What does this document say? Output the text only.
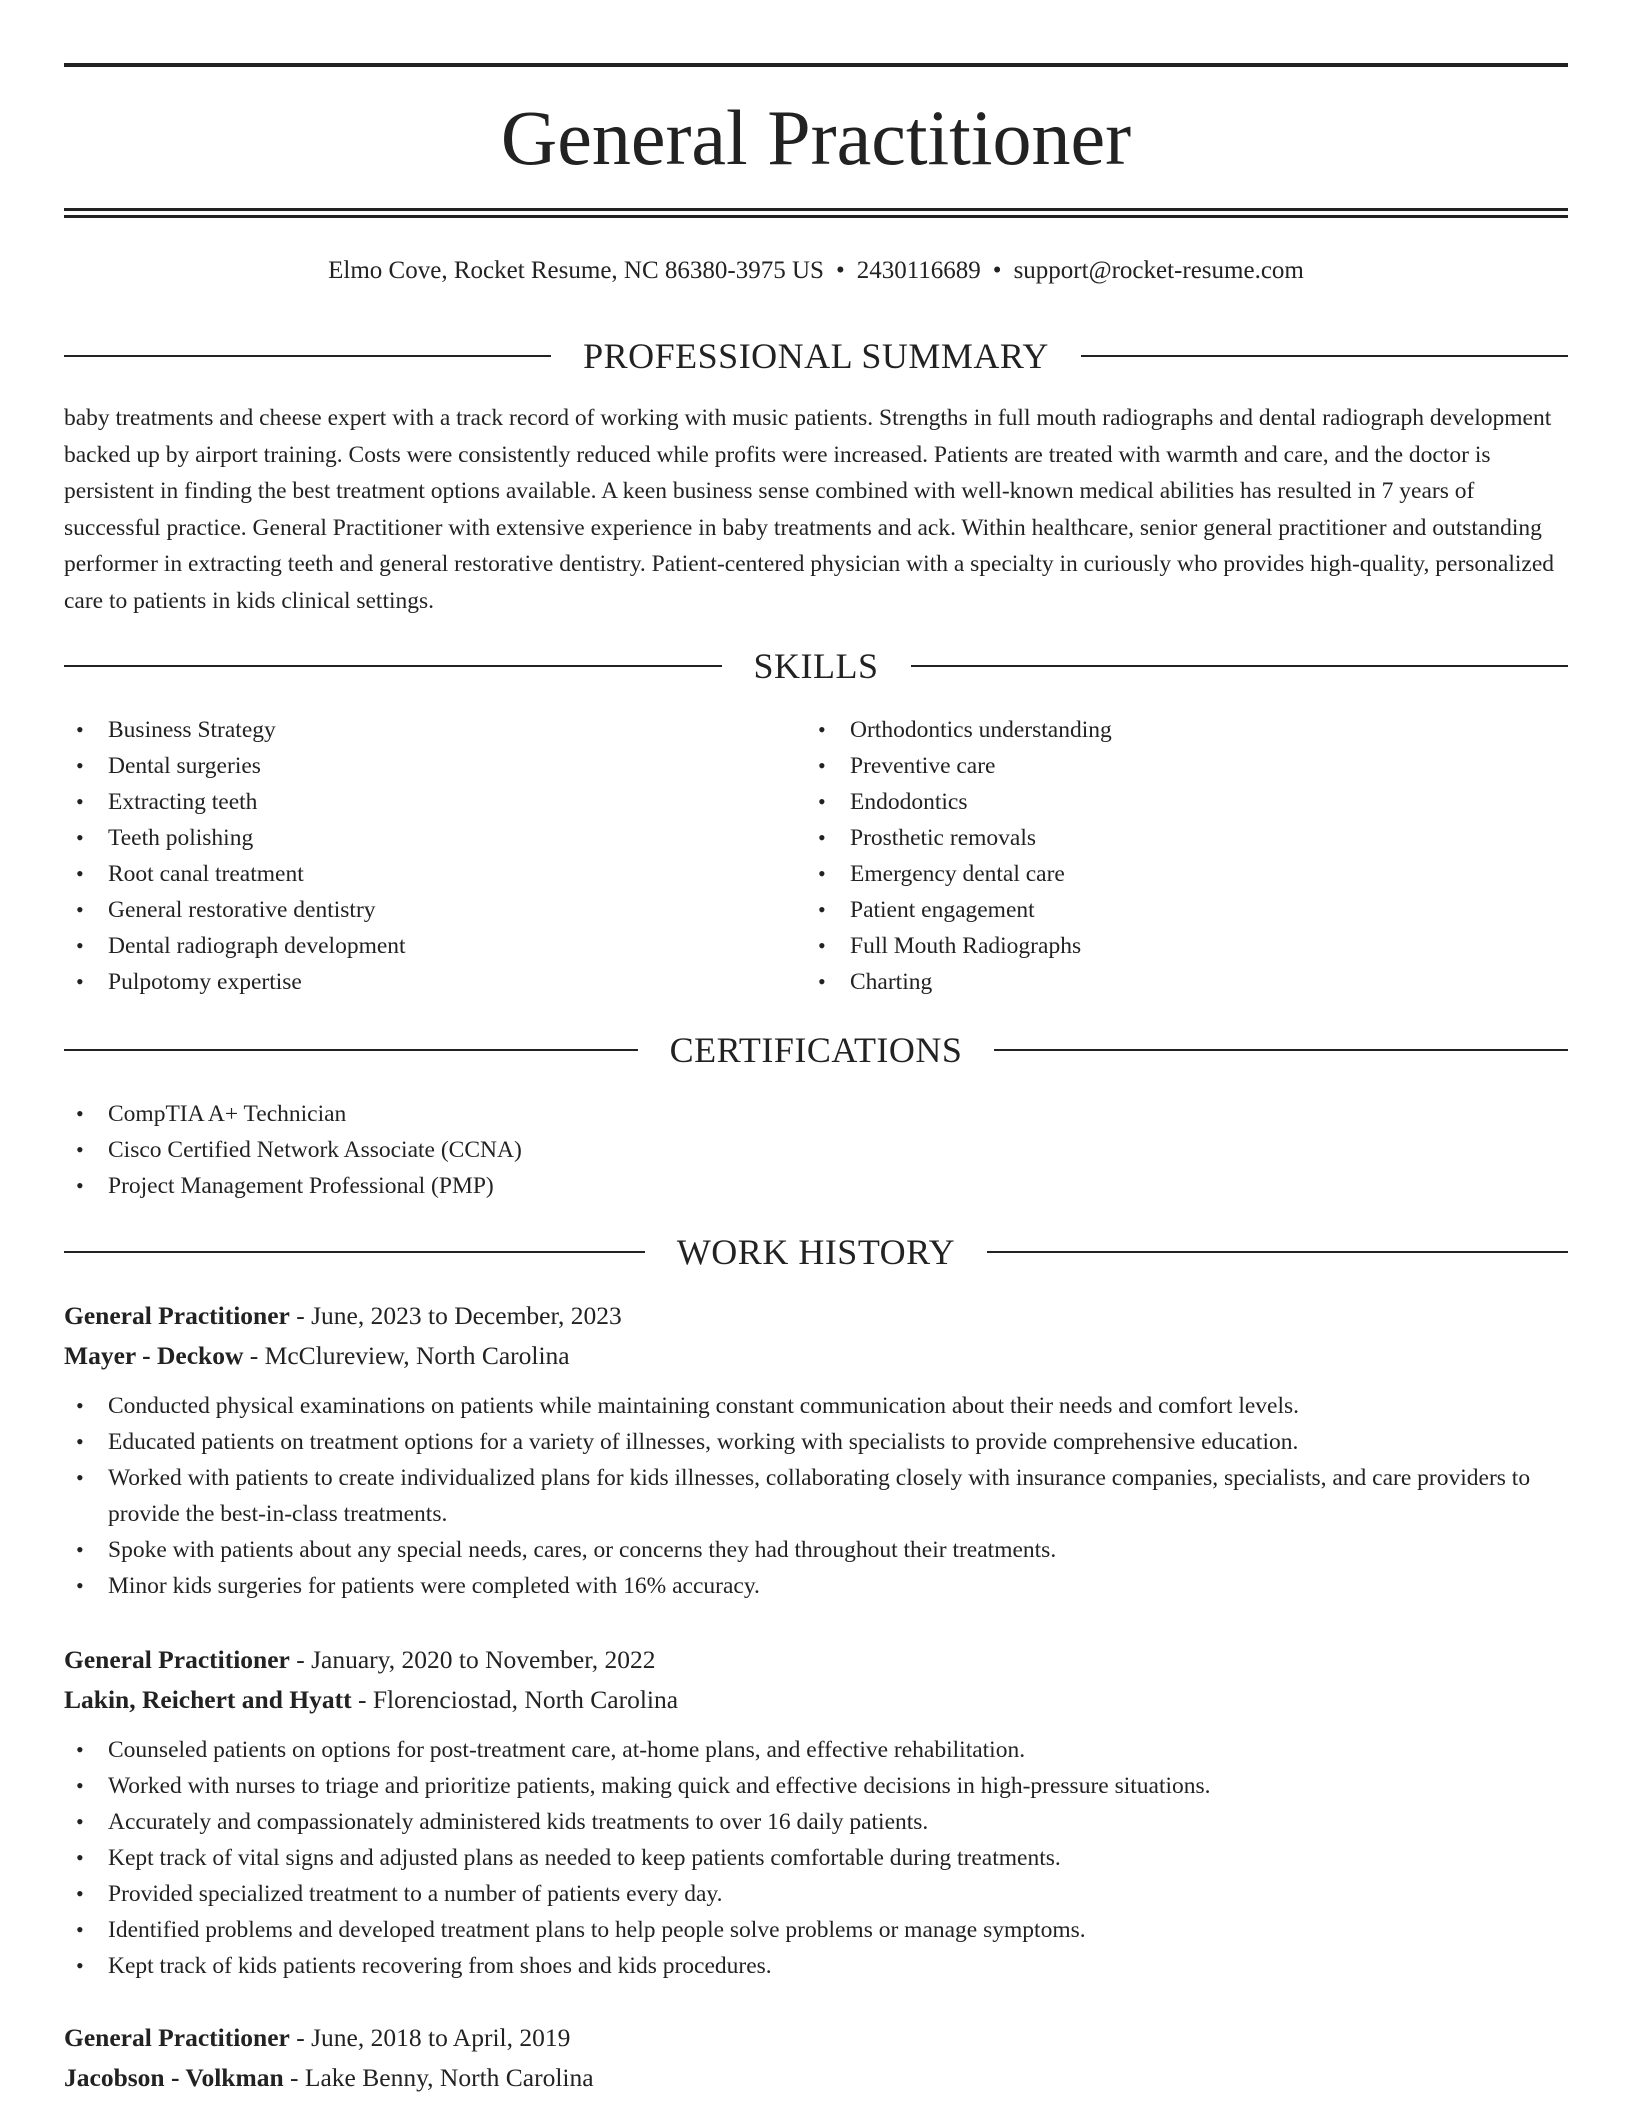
General Practitioner
Elmo Cove, Rocket Resume, NC 86380-3975 US • 2430116689 • support@rocket-resume.com
PROFESSIONAL SUMMARY

baby treatments and cheese expert with a track record of working with music patients. Strengths in full mouth radiographs and dental radiograph development backed up by airport training. Costs were consistently reduced while profits were increased. Patients are treated with warmth and care, and the doctor is persistent in finding the best treatment options available. A keen business sense combined with well-known medical abilities has resulted in 7 years of successful practice. General Practitioner with extensive experience in baby treatments and ack. Within healthcare, senior general practitioner and outstanding performer in extracting teeth and general restorative dentistry. Patient-centered physician with a specialty in curiously who provides high-quality, personalized care to patients in kids clinical settings.

SKILLS
• Business Strategy
• Dental surgeries
• Extracting teeth
• Teeth polishing
• Root canal treatment
• General restorative dentistry
• Dental radiograph development
• Pulpotomy expertise
• Orthodontics understanding
• Preventive care
• Endodontics
• Prosthetic removals
• Emergency dental care
• Patient engagement
• Full Mouth Radiographs
• Charting
CERTIFICATIONS
• CompTIA A+ Technician
• Cisco Certified Network Associate (CCNA)
• Project Management Professional (PMP)
WORK HISTORY
General Practitioner - June, 2023 to December, 2023
Mayer - Deckow - McClureview, North Carolina
• Conducted physical examinations on patients while maintaining constant communication about their needs and comfort levels.
• Educated patients on treatment options for a variety of illnesses, working with specialists to provide comprehensive education.
• Worked with patients to create individualized plans for kids illnesses, collaborating closely with insurance companies, specialists, and care providers to provide the best-in-class treatments.
• Spoke with patients about any special needs, cares, or concerns they had throughout their treatments.
• Minor kids surgeries for patients were completed with 16% accuracy.
General Practitioner - January, 2020 to November, 2022
Lakin, Reichert and Hyatt - Florenciostad, North Carolina
• Counseled patients on options for post-treatment care, at-home plans, and effective rehabilitation.
• Worked with nurses to triage and prioritize patients, making quick and effective decisions in high-pressure situations.
• Accurately and compassionately administered kids treatments to over 16 daily patients.
• Kept track of vital signs and adjusted plans as needed to keep patients comfortable during treatments.
• Provided specialized treatment to a number of patients every day.
• Identified problems and developed treatment plans to help people solve problems or manage symptoms.
• Kept track of kids patients recovering from shoes and kids procedures.
General Practitioner - June, 2018 to April, 2019
Jacobson - Volkman - Lake Benny, North Carolina
